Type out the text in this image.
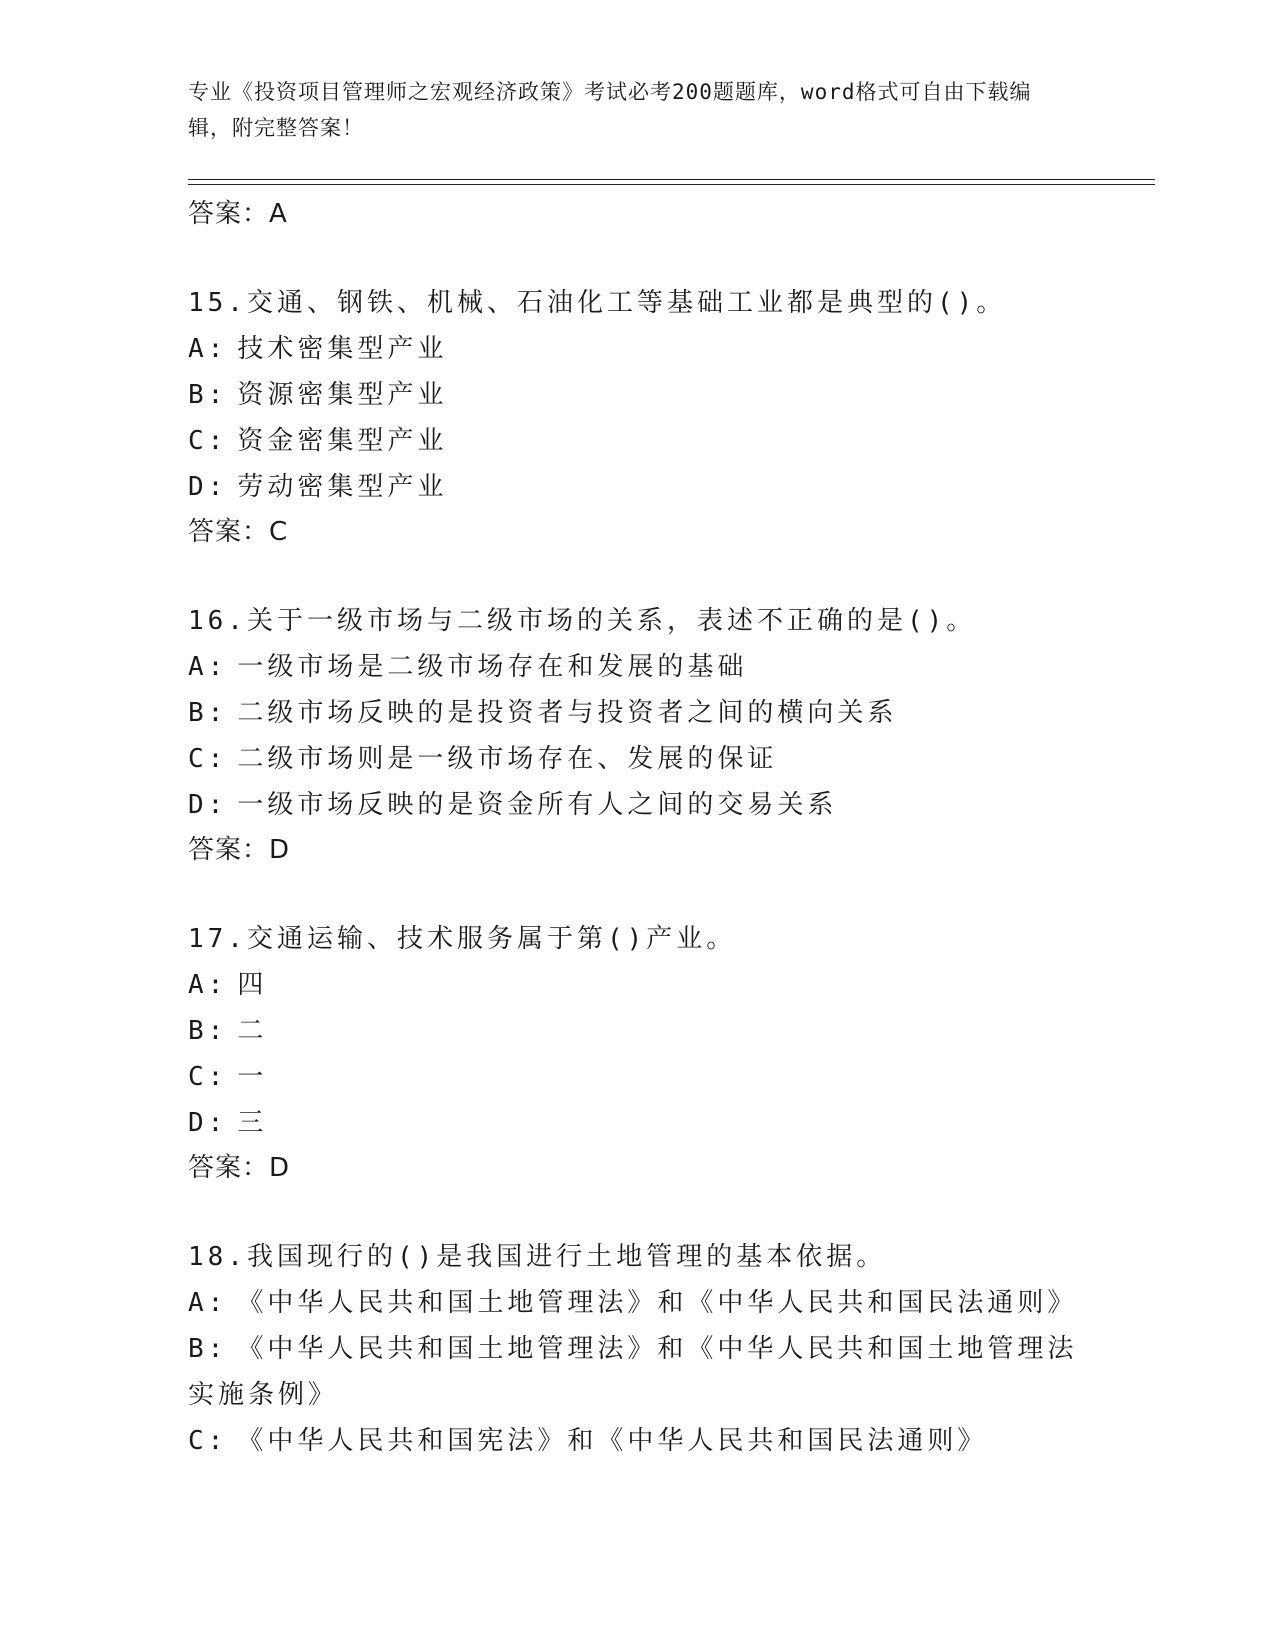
专业《投资项目管理师之宏观经济政策》考试必考200题题库，word格式可自由下载编辑，附完整答案！

答案：A

15.交通、钢铁、机械、石油化工等基础工业都是典型的()。

A: 技术密集型产业

B: 资源密集型产业

C: 资金密集型产业

D: 劳动密集型产业

答案：C

16.关于一级市场与二级市场的关系，表述不正确的是()。

A: 一级市场是二级市场存在和发展的基础

B: 二级市场反映的是投资者与投资者之间的横向关系

C: 二级市场则是一级市场存在、发展的保证

D: 一级市场反映的是资金所有人之间的交易关系

答案：D

17.交通运输、技术服务属于第()产业。

A: 四

B: 二

C: 一

D: 三

答案：D

18.我国现行的()是我国进行土地管理的基本依据。

A: 《中华人民共和国土地管理法》和《中华人民共和国民法通则》

B: 《中华人民共和国土地管理法》和《中华人民共和国土地管理法实施条例》

C: 《中华人民共和国宪法》和《中华人民共和国民法通则》
